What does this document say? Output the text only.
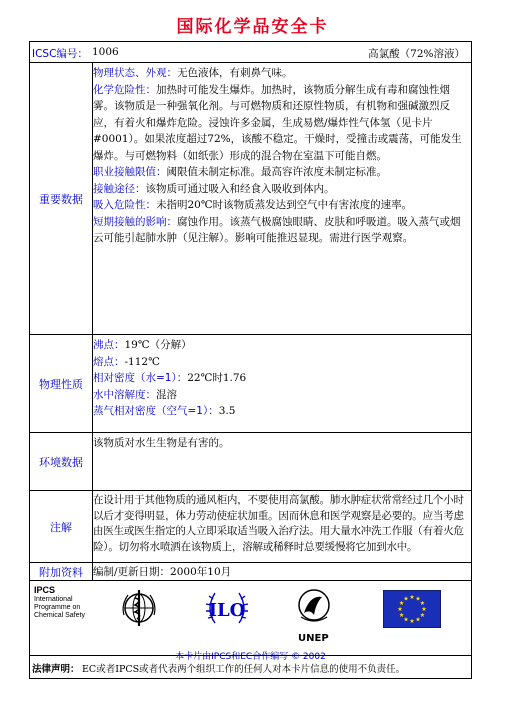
国际化学品安全卡
ICSC编号： 1006	高氯酸（72%溶液）
重要数据

物理状态、外观：无色液体，有刺鼻气味。

化学危险性：加热时可能发生爆炸。加热时，该物质分解生成有毒和腐蚀性烟雾。该物质是一种强氧化剂。与可燃物质和还原性物质，有机物和强碱激烈反应，有着火和爆炸危险。浸蚀许多金属，生成易燃/爆炸性气体氢（见卡片#0001）。如果浓度超过72%，该酸不稳定。干燥时，受撞击或震荡，可能发生爆炸。与可燃物料（如纸张）形成的混合物在室温下可能自燃。

职业接触限值：阈限值未制定标准。最高容许浓度未制定标准。

接触途径：该物质可通过吸入和经食入吸收到体内。

吸入危险性：未指明20℃时该物质蒸发达到空气中有害浓度的速率。

短期接触的影响：腐蚀作用。该蒸气极腐蚀眼睛、皮肤和呼吸道。吸入蒸气或烟云可能引起肺水肿（见注解）。影响可能推迟显现。需进行医学观察。

物理性质

沸点：19℃（分解）

熔点：-112℃

相对密度（水=1）：22℃时1.76

水中溶解度：混溶

蒸气相对密度（空气=1）：3.5

环境数据
该物质对水生生物是有害的。
注解
在设计用于其他物质的通风柜内，不要使用高氯酸。肺水肿症状常常经过几个小时以后才变得明显，体力劳动使症状加重。因而休息和医学观察是必要的。应当考虑由医生或医生指定的人立即采取适当吸入治疗法。用大量水冲洗工作服（有着火危险）。切勿将水喷洒在该物质上，溶解或稀释时总要缓慢将它加到水中。
附加资料 编制/更新日期：2000年10月
IPCS
International
Programme on
Chemical Safety	ILO
UNEP
本卡片由IPCS和EC合作编写 © 2002
法律声明： EC或者IPCS或者代表两个组织工作的任何人对本卡片信息的使用不负责任。
